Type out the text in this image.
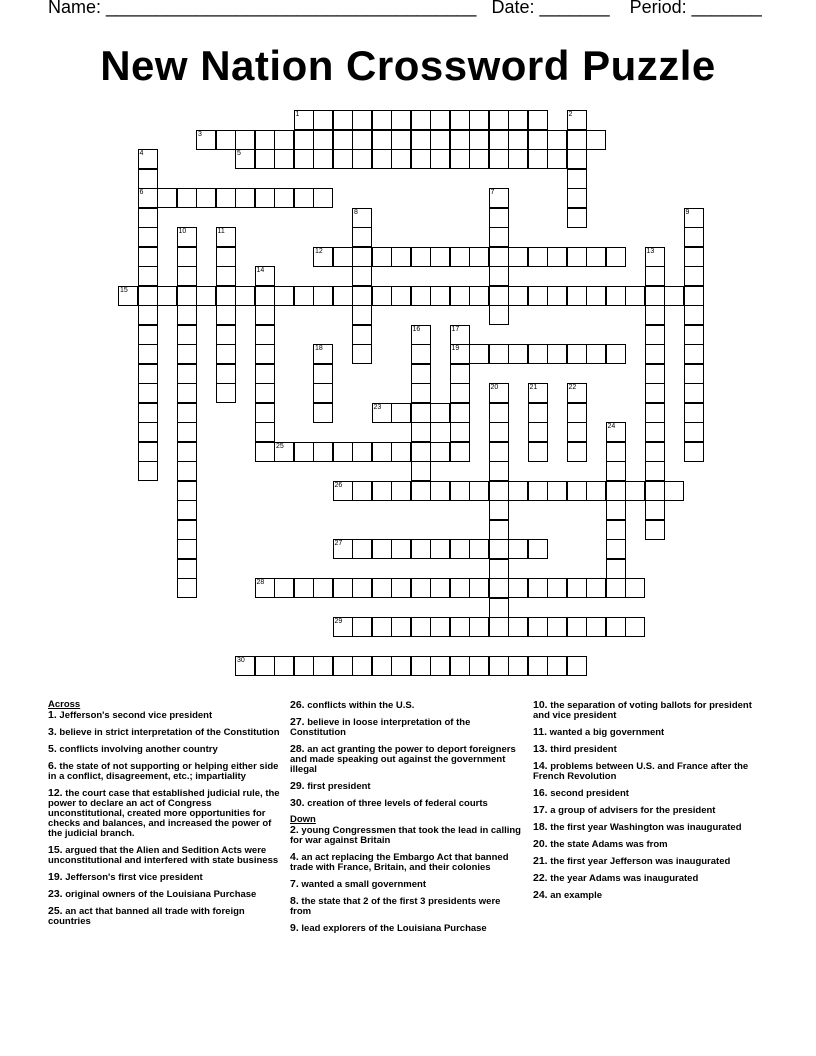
Name: _____________________________________ Date: _______ Period: _______
New Nation Crossword Puzzle
1	2
3
4
6
5
7
8	9
10	11
12	13
14
15
16	17
19
18
20	21	22
23
24
25
26
27
28
29
30
Across
1. Jefferson's second vice president
3. believe in strict interpretation of the Constitution
5. conflicts involving another country
6. the state of not supporting or helping either side in a conflict, disagreement, etc.; impartiality
12. the court case that established judicial rule, the power to declare an act of Congress unconstitutional, created more opportunities for checks and balances, and increased the power of the judicial branch.
15. argued that the Alien and Sedition Acts were unconstitutional and interfered with state business
19. Jefferson's first vice president
23. original owners of the Louisiana Purchase
25. an act that banned all trade with foreign countries
26. conflicts within the U.S.
27. believe in loose interpretation of the Constitution
28. an act granting the power to deport foreigners and made speaking out against the government illegal
29. first president
30. creation of three levels of federal courts
Down
2. young Congressmen that took the lead in calling for war against Britain
4. an act replacing the Embargo Act that banned trade with France, Britain, and their colonies
7. wanted a small government
8. the state that 2 of the first 3 presidents were from
9. lead explorers of the Louisiana Purchase
10. the separation of voting ballots for president and vice president
11. wanted a big government
13. third president
14. problems between U.S. and France after the French Revolution
16. second president
17. a group of advisers for the president
18. the first year Washington was inaugurated
20. the state Adams was from
21. the first year Jefferson was inaugurated
22. the year Adams was inaugurated
24. an example
